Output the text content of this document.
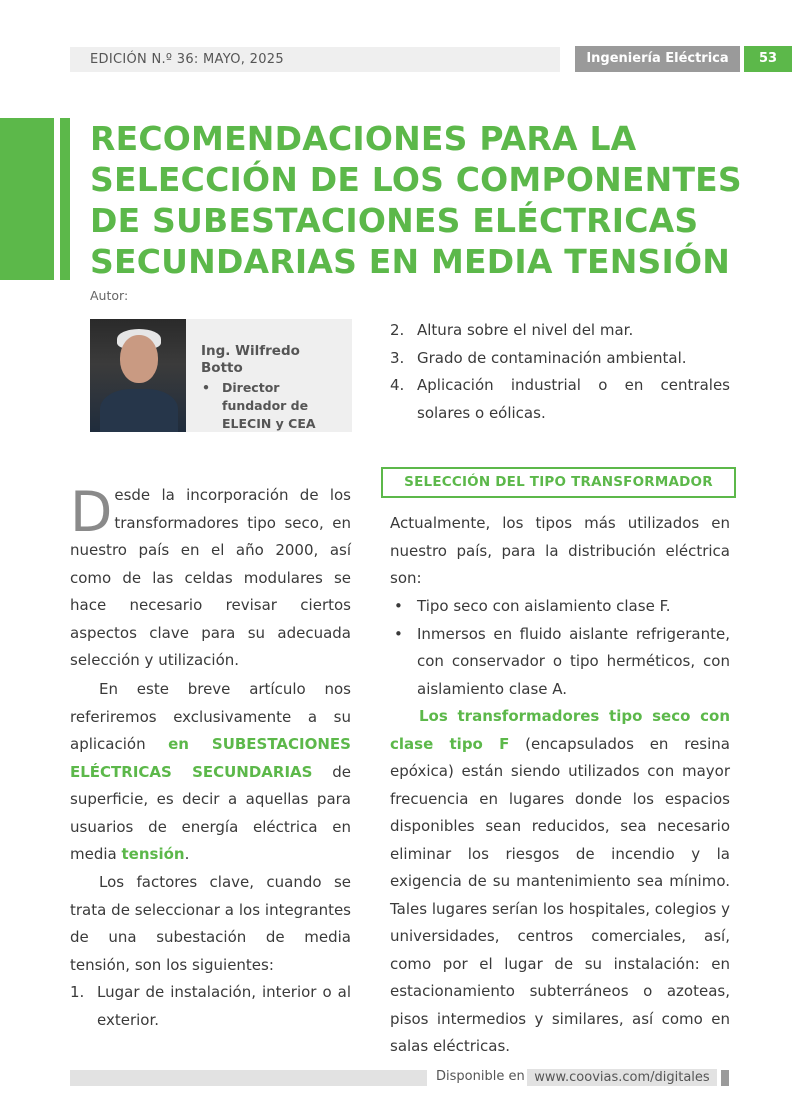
EDICIÓN N.º 36: MAYO, 2025	Ingeniería Eléctrica	53
RECOMENDACIONES PARA LA SELECCIÓN DE LOS COMPONENTES DE SUBESTACIONES ELÉCTRICAS SECUNDARIAS EN MEDIA TENSIÓN
Autor:
Ing. Wilfredo Botto
• Director fundador de ELECIN y CEA

Desde la incorporación de los transformadores tipo seco, en nuestro país en el año 2000, así como de las celdas modulares se hace necesario revisar ciertos aspectos clave para su adecuada selección y utilización.

En este breve artículo nos referiremos exclusivamente a su aplicación en SUBESTACIONES ELÉCTRICAS SECUNDARIAS de superficie, es decir a aquellas para usuarios de energía eléctrica en media tensión.

Los factores clave, cuando se trata de seleccionar a los integrantes de una subestación de media tensión, son los siguientes:

1. Lugar de instalación, interior o al exterior.
2. Altura sobre el nivel del mar.
3. Grado de contaminación ambiental.
4. Aplicación industrial o en centrales solares o eólicas.
SELECCIÓN DEL TIPO TRANSFORMADOR

Actualmente, los tipos más utilizados en nuestro país, para la distribución eléctrica son:

• Tipo seco con aislamiento clase F.
• Inmersos en fluido aislante refrigerante, con conservador o tipo herméticos, con aislamiento clase A.

Los transformadores tipo seco con clase tipo F (encapsulados en resina epóxica) están siendo utilizados con mayor frecuencia en lugares donde los espacios disponibles sean reducidos, sea necesario eliminar los riesgos de incendio y la exigencia de su mantenimiento sea mínimo. Tales lugares serían los hospitales, colegios y universidades, centros comerciales, así, como por el lugar de su instalación: en estacionamiento subterráneos o azoteas, pisos intermedios y similares, así como en salas eléctricas.

Disponible en www.coovias.com/digitales
